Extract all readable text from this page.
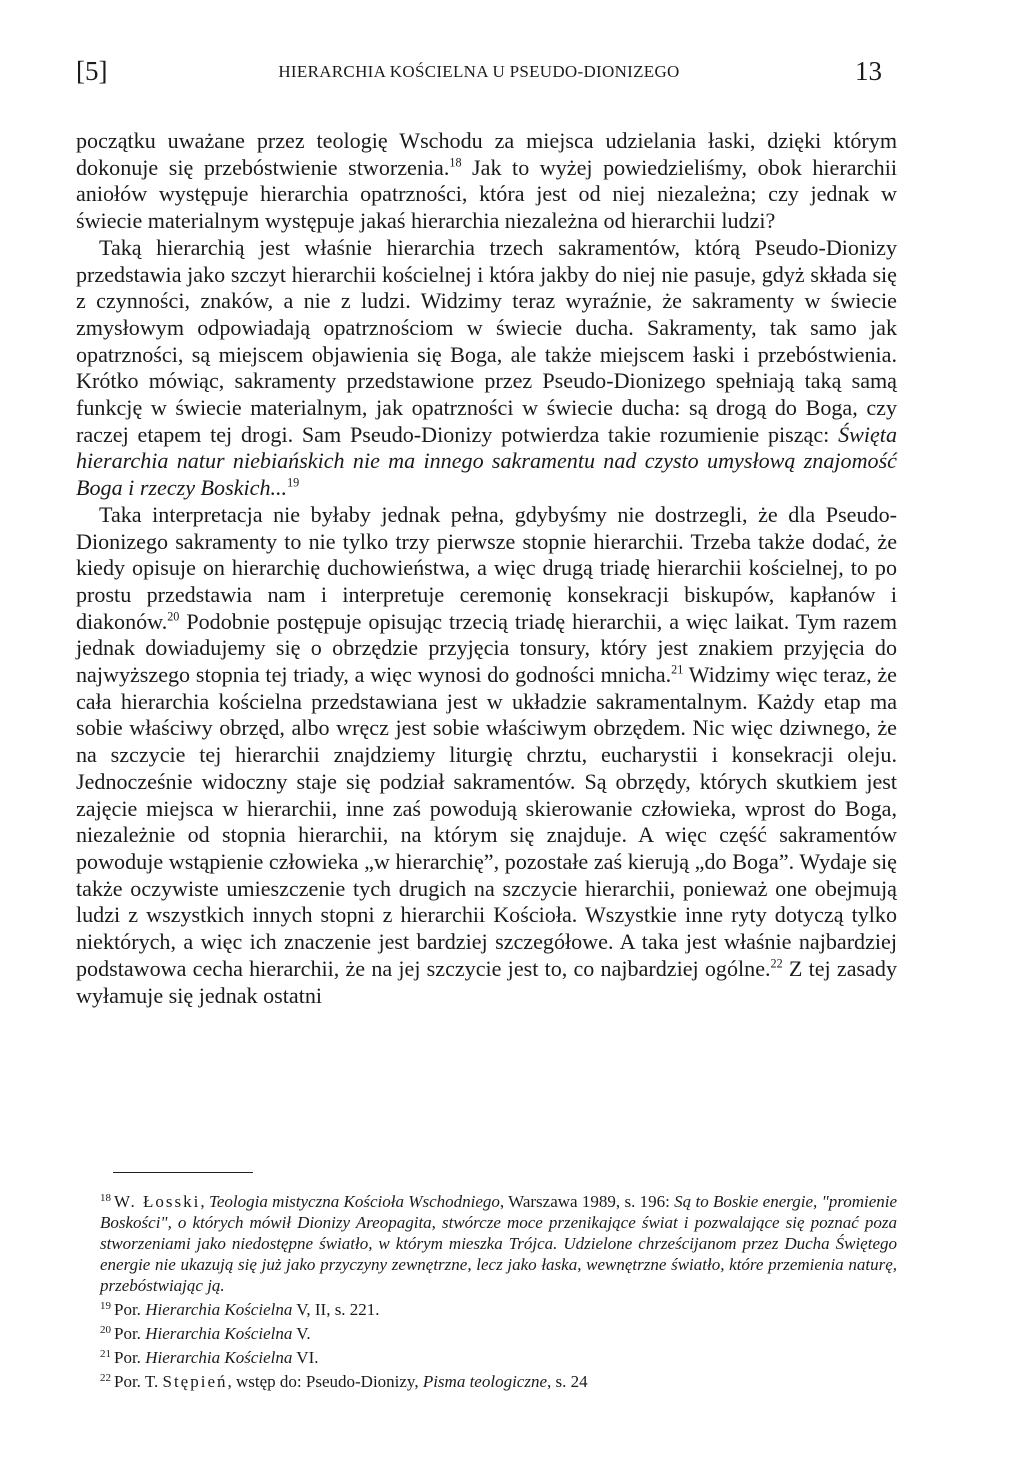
[5]	HIERARCHIA KOŚCIELNA U PSEUDO-DIONIZEGO	13

początku uważane przez teologię Wschodu za miejsca udzielania łaski, dzięki którym dokonuje się przebóstwienie stworzenia.$^{18}$ Jak to wyżej powiedzieliśmy, obok hierarchii aniołów występuje hierarchia opatrzności, która jest od niej niezależna; czy jednak w świecie materialnym występuje jakaś hierarchia niezależna od hierarchii ludzi?

Taką hierarchią jest właśnie hierarchia trzech sakramentów, którą Pseudo-Dionizy przedstawia jako szczyt hierarchii kościelnej i która jakby do niej nie pasuje, gdyż składa się z czynności, znaków, a nie z ludzi. Widzimy teraz wyraźnie, że sakramenty w świecie zmysłowym odpowiadają opatrznościom w świecie ducha. Sakramenty, tak samo jak opatrzności, są miejscem objawienia się Boga, ale także miejscem łaski i przebóstwienia. Krótko mówiąc, sakramenty przedstawione przez Pseudo-Dionizego spełniają taką samą funkcję w świecie materialnym, jak opatrzności w świecie ducha: są drogą do Boga, czy raczej etapem tej drogi. Sam Pseudo-Dionizy potwierdza takie rozumienie pisząc: Święta hierarchia natur niebiańskich nie ma innego sakramentu nad czysto umysłową znajomość Boga i rzeczy Boskich...$^{19}$

Taka interpretacja nie byłaby jednak pełna, gdybyśmy nie dostrzegli, że dla Pseudo-Dionizego sakramenty to nie tylko trzy pierwsze stopnie hierarchii. Trzeba także dodać, że kiedy opisuje on hierarchię duchowieństwa, a więc drugą triadę hierarchii kościelnej, to po prostu przedstawia nam i interpretuje ceremonię konsekracji biskupów, kapłanów i diakonów.$^{20}$ Podobnie postępuje opisując trzecią triadę hierarchii, a więc laikat. Tym razem jednak dowiadujemy się o obrzędzie przyjęcia tonsury, który jest znakiem przyjęcia do najwyższego stopnia tej triady, a więc wynosi do godności mnicha.$^{21}$ Widzimy więc teraz, że cała hierarchia kościelna przedstawiana jest w układzie sakramentalnym. Każdy etap ma sobie właściwy obrzęd, albo wręcz jest sobie właściwym obrzędem. Nic więc dziwnego, że na szczycie tej hierarchii znajdziemy liturgię chrztu, eucharystii i konsekracji oleju. Jednocześnie widoczny staje się podział sakramentów. Są obrzędy, których skutkiem jest zajęcie miejsca w hierarchii, inne zaś powodują skierowanie człowieka, wprost do Boga, niezależnie od stopnia hierarchii, na którym się znajduje. A więc część sakramentów powoduje wstąpienie człowieka „w hierarchię”, pozostałe zaś kierują „do Boga”. Wydaje się także oczywiste umieszczenie tych drugich na szczycie hierarchii, ponieważ one obejmują ludzi z wszystkich innych stopni z hierarchii Kościoła. Wszystkie inne ryty dotyczą tylko niektórych, a więc ich znaczenie jest bardziej szczegółowe. A taka jest właśnie najbardziej podstawowa cecha hierarchii, że na jej szczycie jest to, co najbardziej ogólne.$^{22}$ Z tej zasady wyłamuje się jednak ostatni

$^{18}$ W. Łosski, Teologia mistyczna Kościoła Wschodniego, Warszawa 1989, s. 196: Są to Boskie energie, "promienie Boskości", o których mówił Dionizy Areopagita, stwórcze moce przenikające świat i pozwalające się poznać poza stworzeniami jako niedostępne światło, w którym mieszka Trójca. Udzielone chrześcijanom przez Ducha Świętego energie nie ukazują się już jako przyczyny zewnętrzne, lecz jako łaska, wewnętrzne światło, które przemienia naturę, przebóstwiając ją.

$^{19}$ Por. Hierarchia Kościelna V, II, s. 221.

$^{20}$ Por. Hierarchia Kościelna V.

$^{21}$ Por. Hierarchia Kościelna VI.

$^{22}$ Por. T. Stępień, wstęp do: Pseudo-Dionizy, Pisma teologiczne, s. 24
